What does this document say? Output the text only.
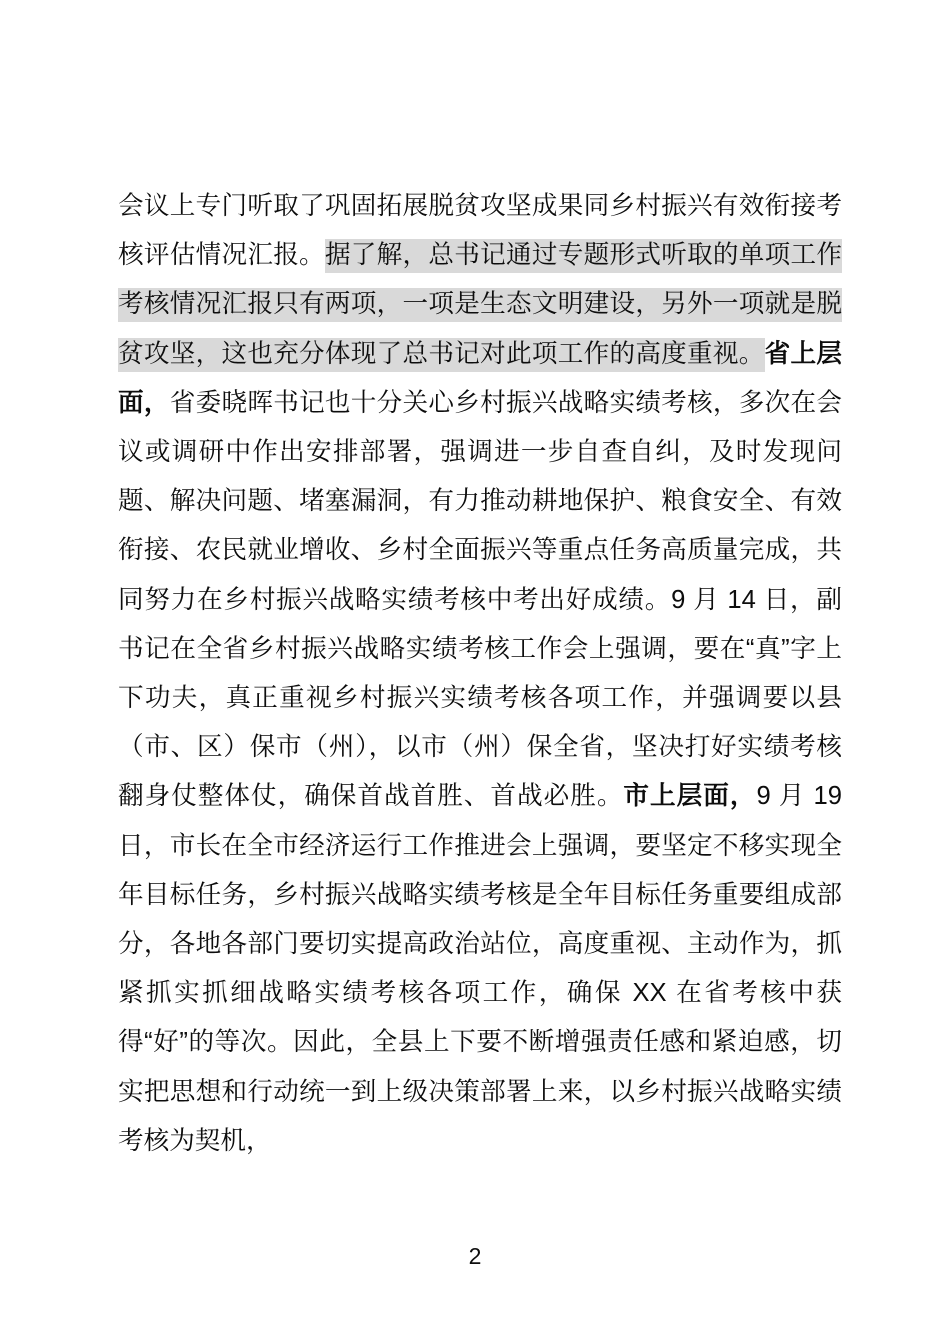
会议上专门听取了巩固拓展脱贫攻坚成果同乡村振兴有效衔接考核评估情况汇报。据了解，总书记通过专题形式听取的单项工作考核情况汇报只有两项，一项是生态文明建设，另外一项就是脱贫攻坚，这也充分体现了总书记对此项工作的高度重视。省上层面，省委晓晖书记也十分关心乡村振兴战略实绩考核，多次在会议或调研中作出安排部署，强调进一步自查自纠，及时发现问题、解决问题、堵塞漏洞，有力推动耕地保护、粮食安全、有效衔接、农民就业增收、乡村全面振兴等重点任务高质量完成，共同努力在乡村振兴战略实绩考核中考出好成绩。9 月 14 日，副书记在全省乡村振兴战略实绩考核工作会上强调，要在“真”字上下功夫，真正重视乡村振兴实绩考核各项工作，并强调要以县（市、区）保市（州），以市（州）保全省，坚决打好实绩考核翻身仗整体仗，确保首战首胜、首战必胜。市上层面，9 月 19 日，市长在全市经济运行工作推进会上强调，要坚定不移实现全年目标任务，乡村振兴战略实绩考核是全年目标任务重要组成部分，各地各部门要切实提高政治站位，高度重视、主动作为，抓紧抓实抓细战略实绩考核各项工作，确保 XX 在省考核中获得“好”的等次。因此，全县上下要不断增强责任感和紧迫感，切实把思想和行动统一到上级决策部署上来，以乡村振兴战略实绩考核为契机，

2
